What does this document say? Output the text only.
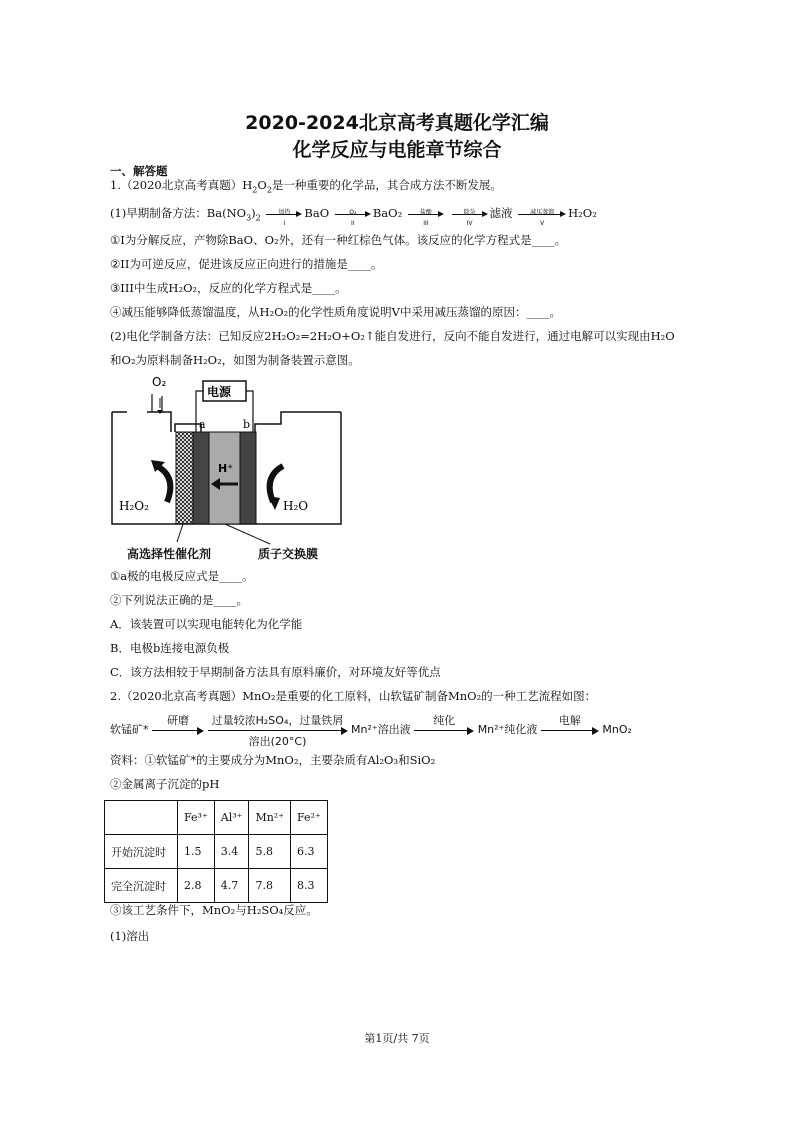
2020-2024北京高考真题化学汇编
化学反应与电能章节综合
一、解答题
1.（2020北京高考真题）$H_2O_2$是一种重要的化学品，其合成方法不断发展。
(1)早期制备方法：$Ba(NO_3)_2$
加热
I
BaO	O₂
II
BaO₂	盐酸
III

除杂
IV
滤液	减压蒸馏
V
H₂O₂
①I为分解反应，产物除BaO、O₂外，还有一种红棕色气体。该反应的化学方程式是____。
②II为可逆反应，促进该反应正向进行的措施是____。
③III中生成H₂O₂，反应的化学方程式是____。
④减压能够降低蒸馏温度，从H₂O₂的化学性质角度说明V中采用减压蒸馏的原因：____。
(2)电化学制备方法：已知反应2H₂O₂=2H₂O+O₂↑能自发进行，反向不能自发进行，通过电解可以实现由H₂O
和O₂为原料制备H₂O₂，如图为制备装置示意图。
O₂
电源
a	b
H⁺
H₂O₂	H₂O
高选择性催化剂	质子交换膜
①a极的电极反应式是____。
②下列说法正确的是____。
A．该装置可以实现电能转化为化学能
B．电极b连接电源负极
C．该方法相较于早期制备方法具有原料廉价，对环境友好等优点
2.（2020北京高考真题）MnO₂是重要的化工原料，山软锰矿制备MnO₂的一种工艺流程如图：
软锰矿*
研磨
	过量较浓H₂SO₄，过量铁屑
溶出(20°C)
Mn²⁺溶出液
纯化
Mn²⁺纯化液
电解
MnO₂
资料：①软锰矿*的主要成分为MnO₂，主要杂质有Al₂O₃和SiO₂
②金属离子沉淀的pH
	Fe³⁺	Al³⁺	Mn²⁺	Fe²⁺
开始沉淀时	1.5	3.4	5.8	6.3
完全沉淀时	2.8	4.7	7.8	8.3
③该工艺条件下，MnO₂与H₂SO₄反应。
(1)溶出
第1页/共 7页
